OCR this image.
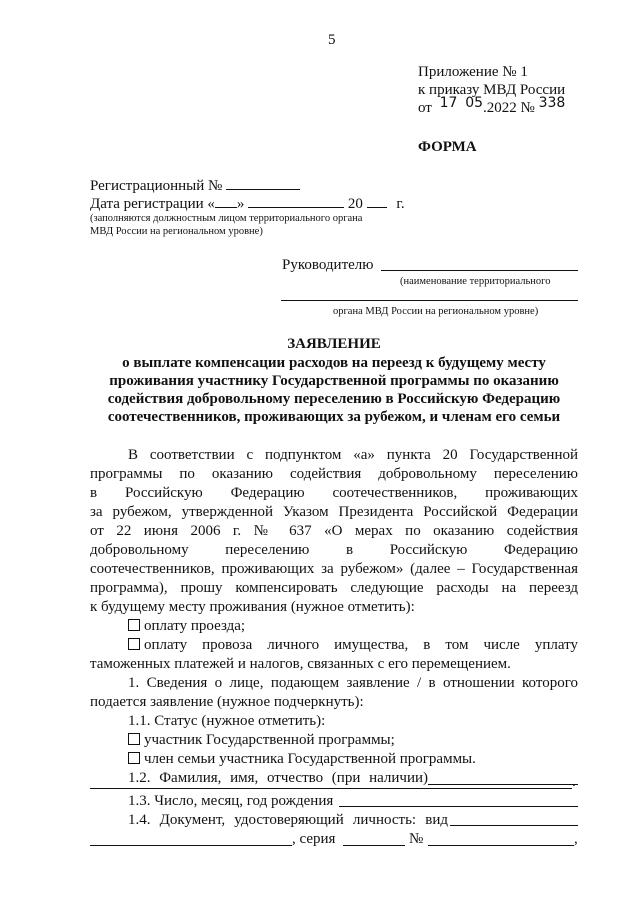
5
Приложение № 1
к приказу МВД России
от 17 05.2022 № 338
ФОРМА
Регистрационный №
Дата регистрации « »	20 г.
(заполняются должностным лицом территориального органа МВД России на региональном уровне)
Руководителю
(наименование территориального
органа МВД России на региональном уровне)
ЗАЯВЛЕНИЕ
о выплате компенсации расходов на переезд к будущему месту
проживания участнику Государственной программы по оказанию
содействия добровольному переселению в Российскую Федерацию
соотечественников, проживающих за рубежом, и членам его семьи
В соответствии с подпунктом «а» пункта 20 Государственной
программы по оказанию содействия добровольному переселению
в Российскую Федерацию соотечественников, проживающих
за рубежом, утвержденной Указом Президента Российской Федерации
от 22 июня 2006 г. № 637 «О мерах по оказанию содействия
добровольному переселению в Российскую Федерацию
соотечественников, проживающих за рубежом» (далее – Государственная
программа), прошу компенсировать следующие расходы на переезд
к будущему месту проживания (нужное отметить):
оплату проезда;
оплату провоза личного имущества, в том числе уплату
таможенных платежей и налогов, связанных с его перемещением.
1. Сведения о лице, подающем заявление / в отношении которого
подается заявление (нужное подчеркнуть):
1.1. Статус (нужное отметить):
участник Государственной программы;
член семьи участника Государственной программы.
1.2. Фамилия, имя, отчество (при наличии)	.
1.3. Число, месяц, год рождения
1.4. Документ, удостоверяющий личность: вид
, серия	№	,
